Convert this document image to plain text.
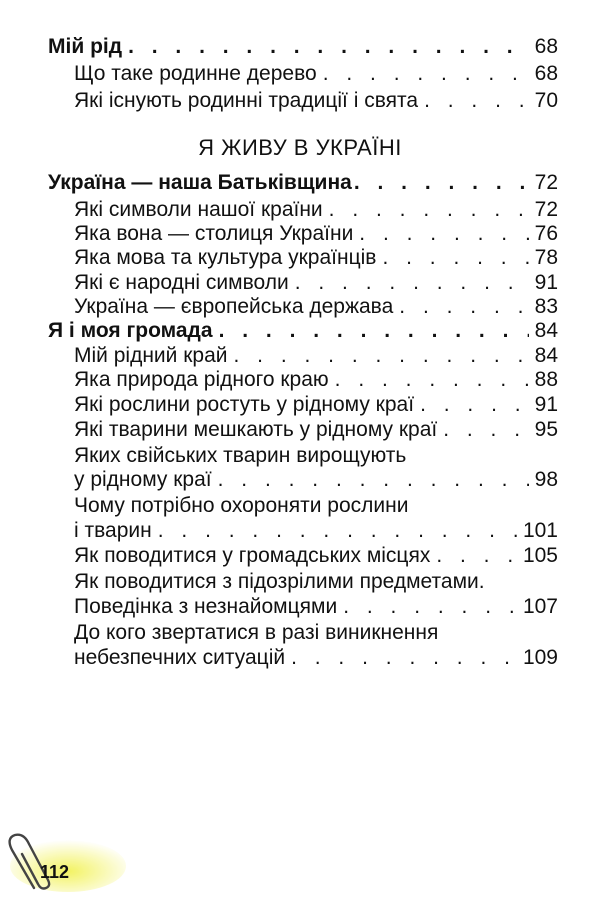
Мій рід . . .	68
Що таке родинне дерево . . .	68
Які існують родинні традиції і свята . . .	70
Я ЖИВУ В УКРАЇНІ
Україна — наша Батьківщина . . .	72
Які символи нашої країни . . .	72
Яка вона — столиця України . . .	76
Яка мова та культура українців . . .	78
Які є народні символи . . .	91
Україна — європейська держава . . .	83
Я і моя громада . . .	84
Мій рідний край . . .	84
Яка природа рідного краю . . .	88
Які рослини ростуть у рідному краї . . .	91
Які тварини мешкають у рідному краї . . .	95
Яких свійських тварин вирощують
у рідному краї . . .	98
Чому потрібно охороняти рослини
і тварин . . .	101
Як поводитися у громадських місцях . . .	105
Як поводитися з підозрілими предметами.
Поведінка з незнайомцями . . .	107
До кого звертатися в разі виникнення
небезпечних ситуацій . . .	109
112
